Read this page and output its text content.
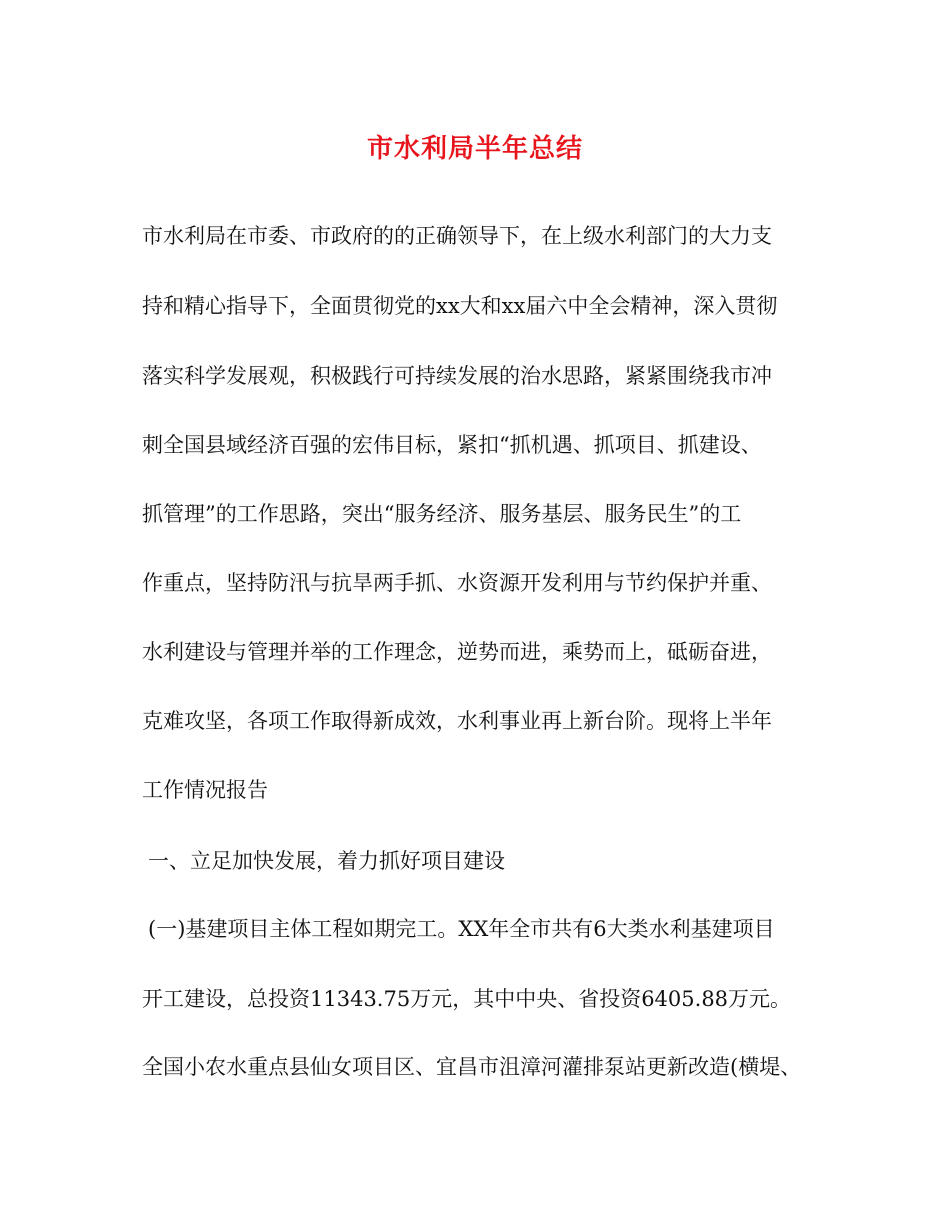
市水利局半年总结
市水利局在市委、市政府的的正确领导下，在上级水利部门的大力支
持和精心指导下，全面贯彻党的xx大和xx届六中全会精神，深入贯彻
落实科学发展观，积极践行可持续发展的治水思路，紧紧围绕我市冲
刺全国县域经济百强的宏伟目标，紧扣“抓机遇、抓项目、抓建设、
抓管理”的工作思路，突出“服务经济、服务基层、服务民生”的工
作重点，坚持防汛与抗旱两手抓、水资源开发利用与节约保护并重、
水利建设与管理并举的工作理念，逆势而进，乘势而上，砥砺奋进，
克难攻坚，各项工作取得新成效，水利事业再上新台阶。现将上半年
工作情况报告
一、立足加快发展，着力抓好项目建设
(一)基建项目主体工程如期完工。XX年全市共有6大类水利基建项目
开工建设，总投资11343.75万元，其中中央、省投资6405.88万元。
全国小农水重点县仙女项目区、宜昌市沮漳河灌排泵站更新改造(横堤、
